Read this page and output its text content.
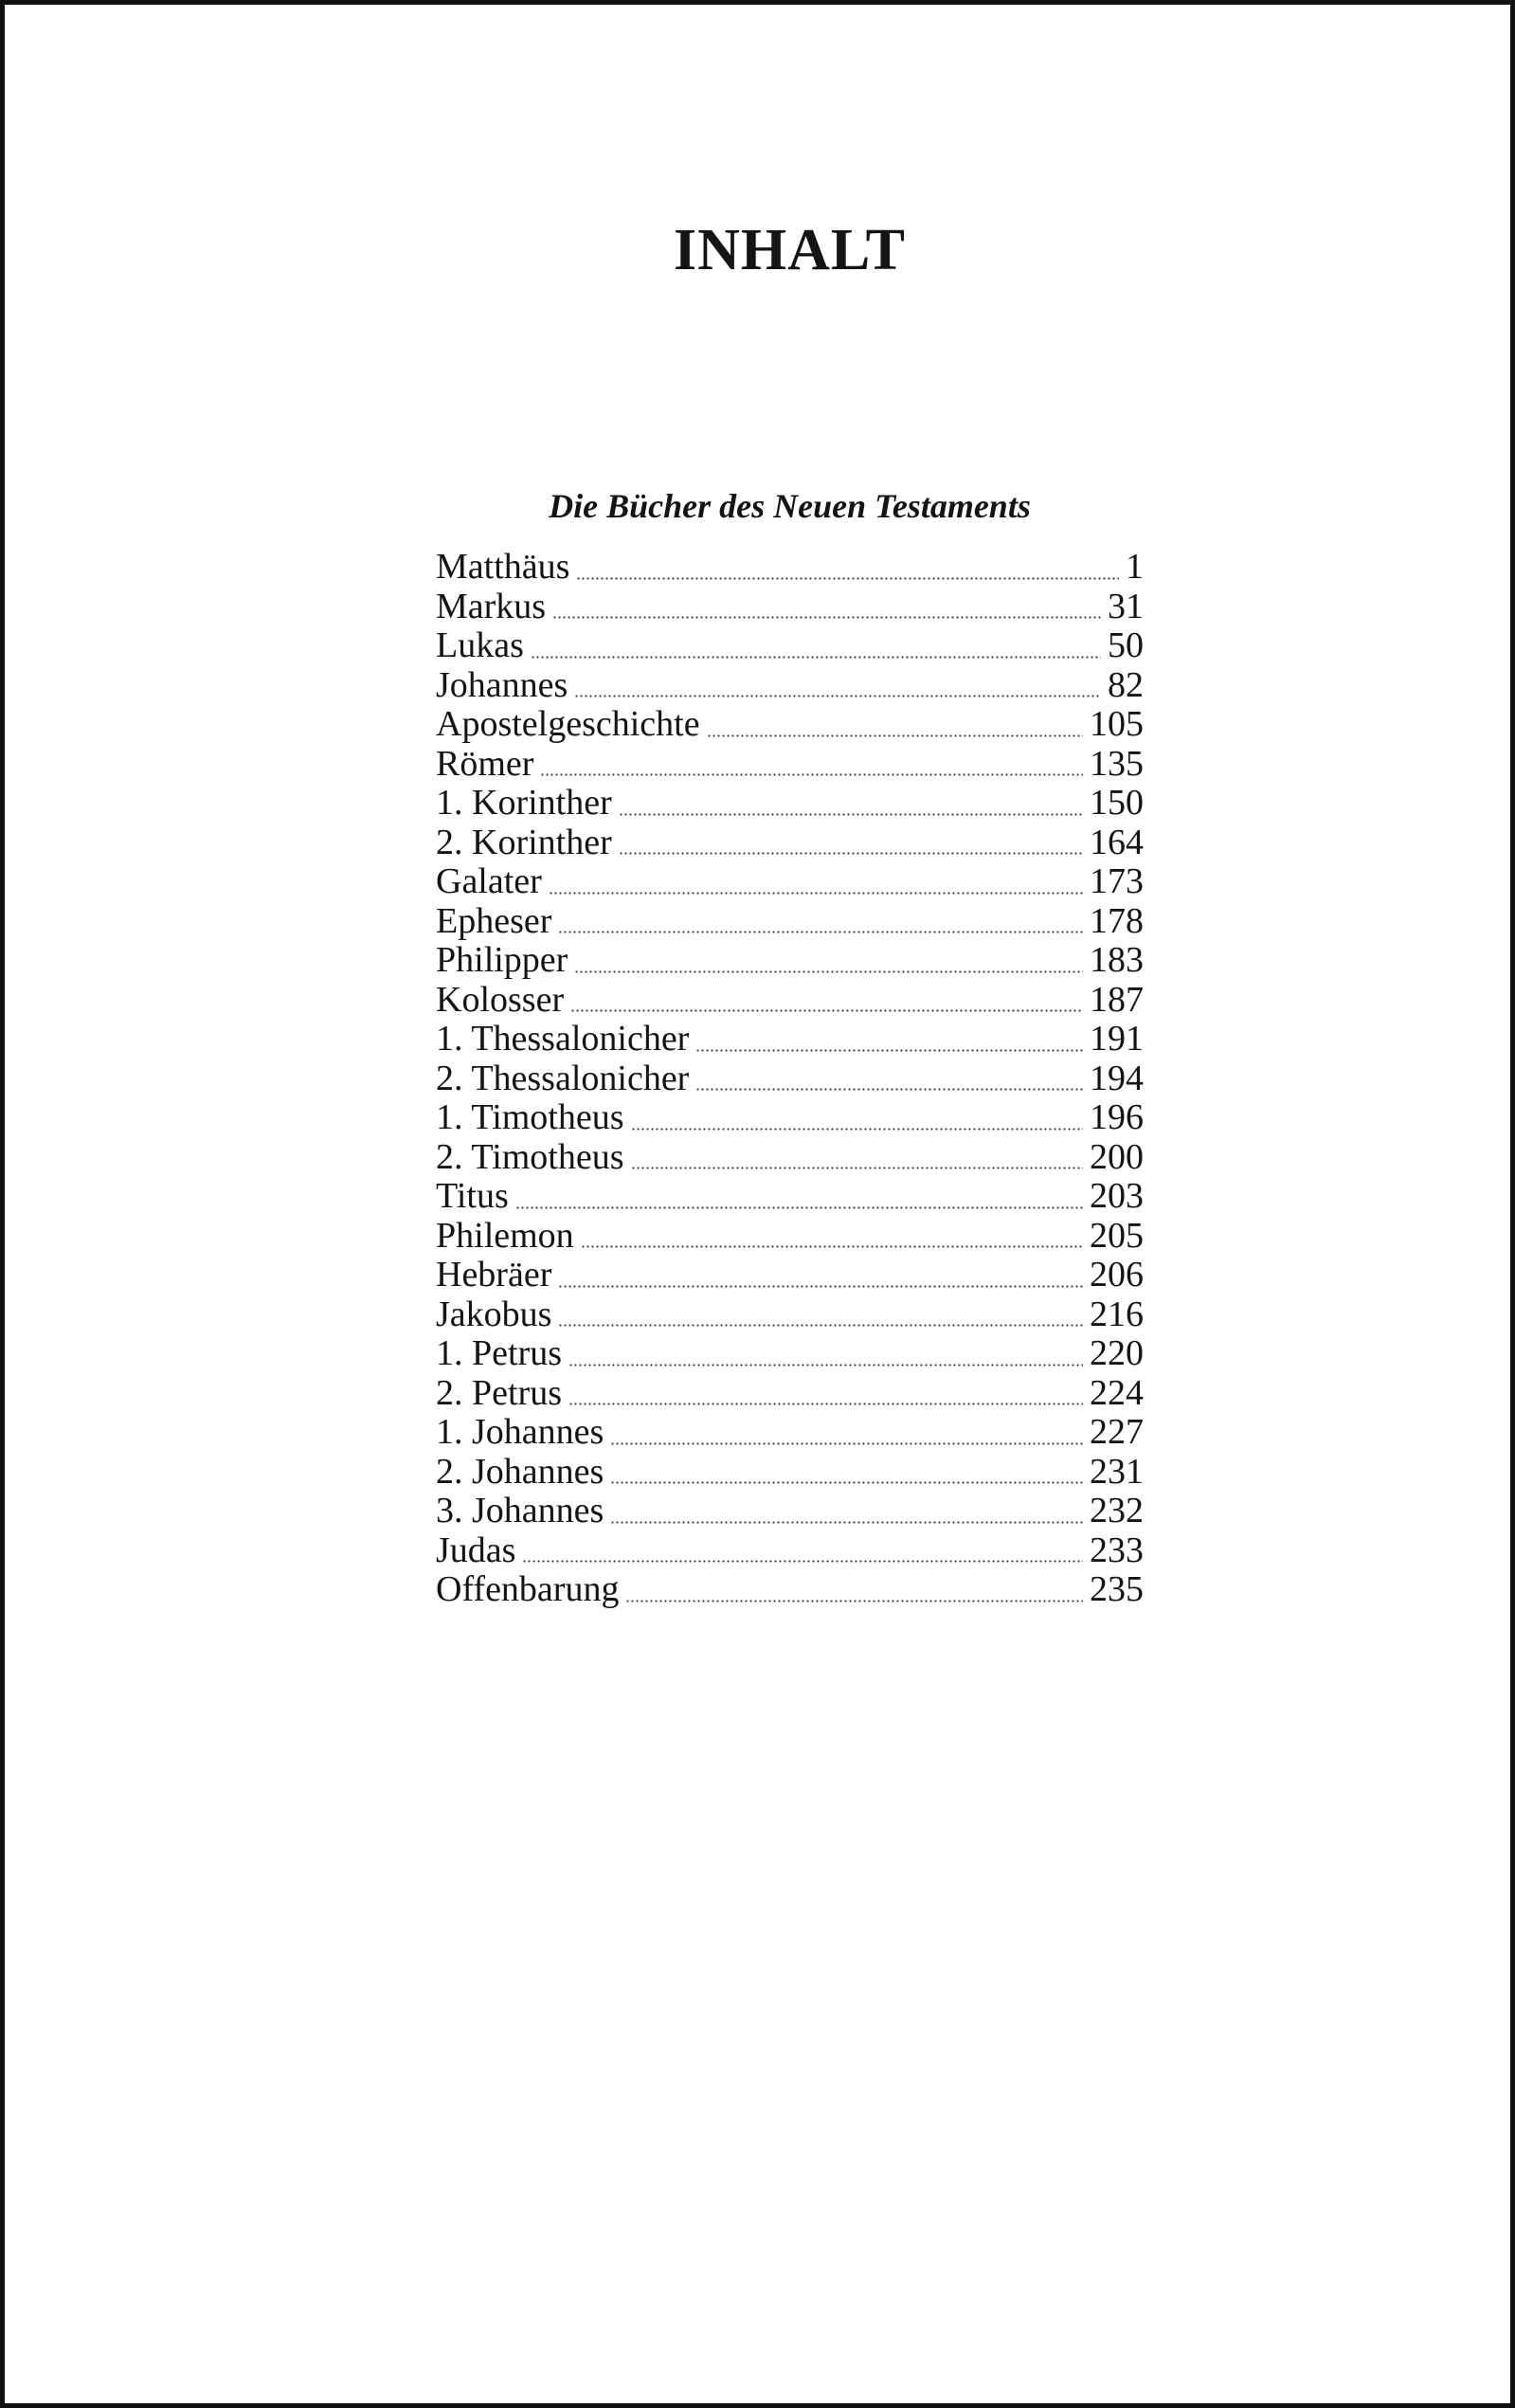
INHALT
Die Bücher des Neuen Testaments
Matthäus	1
Markus	31
Lukas	50
Johannes	82
Apostelgeschichte	105
Römer	135
1. Korinther	150
2. Korinther	164
Galater	173
Epheser	178
Philipper	183
Kolosser	187
1. Thessalonicher	191
2. Thessalonicher	194
1. Timotheus	196
2. Timotheus	200
Titus	203
Philemon	205
Hebräer	206
Jakobus	216
1. Petrus	220
2. Petrus	224
1. Johannes	227
2. Johannes	231
3. Johannes	232
Judas	233
Offenbarung	235
